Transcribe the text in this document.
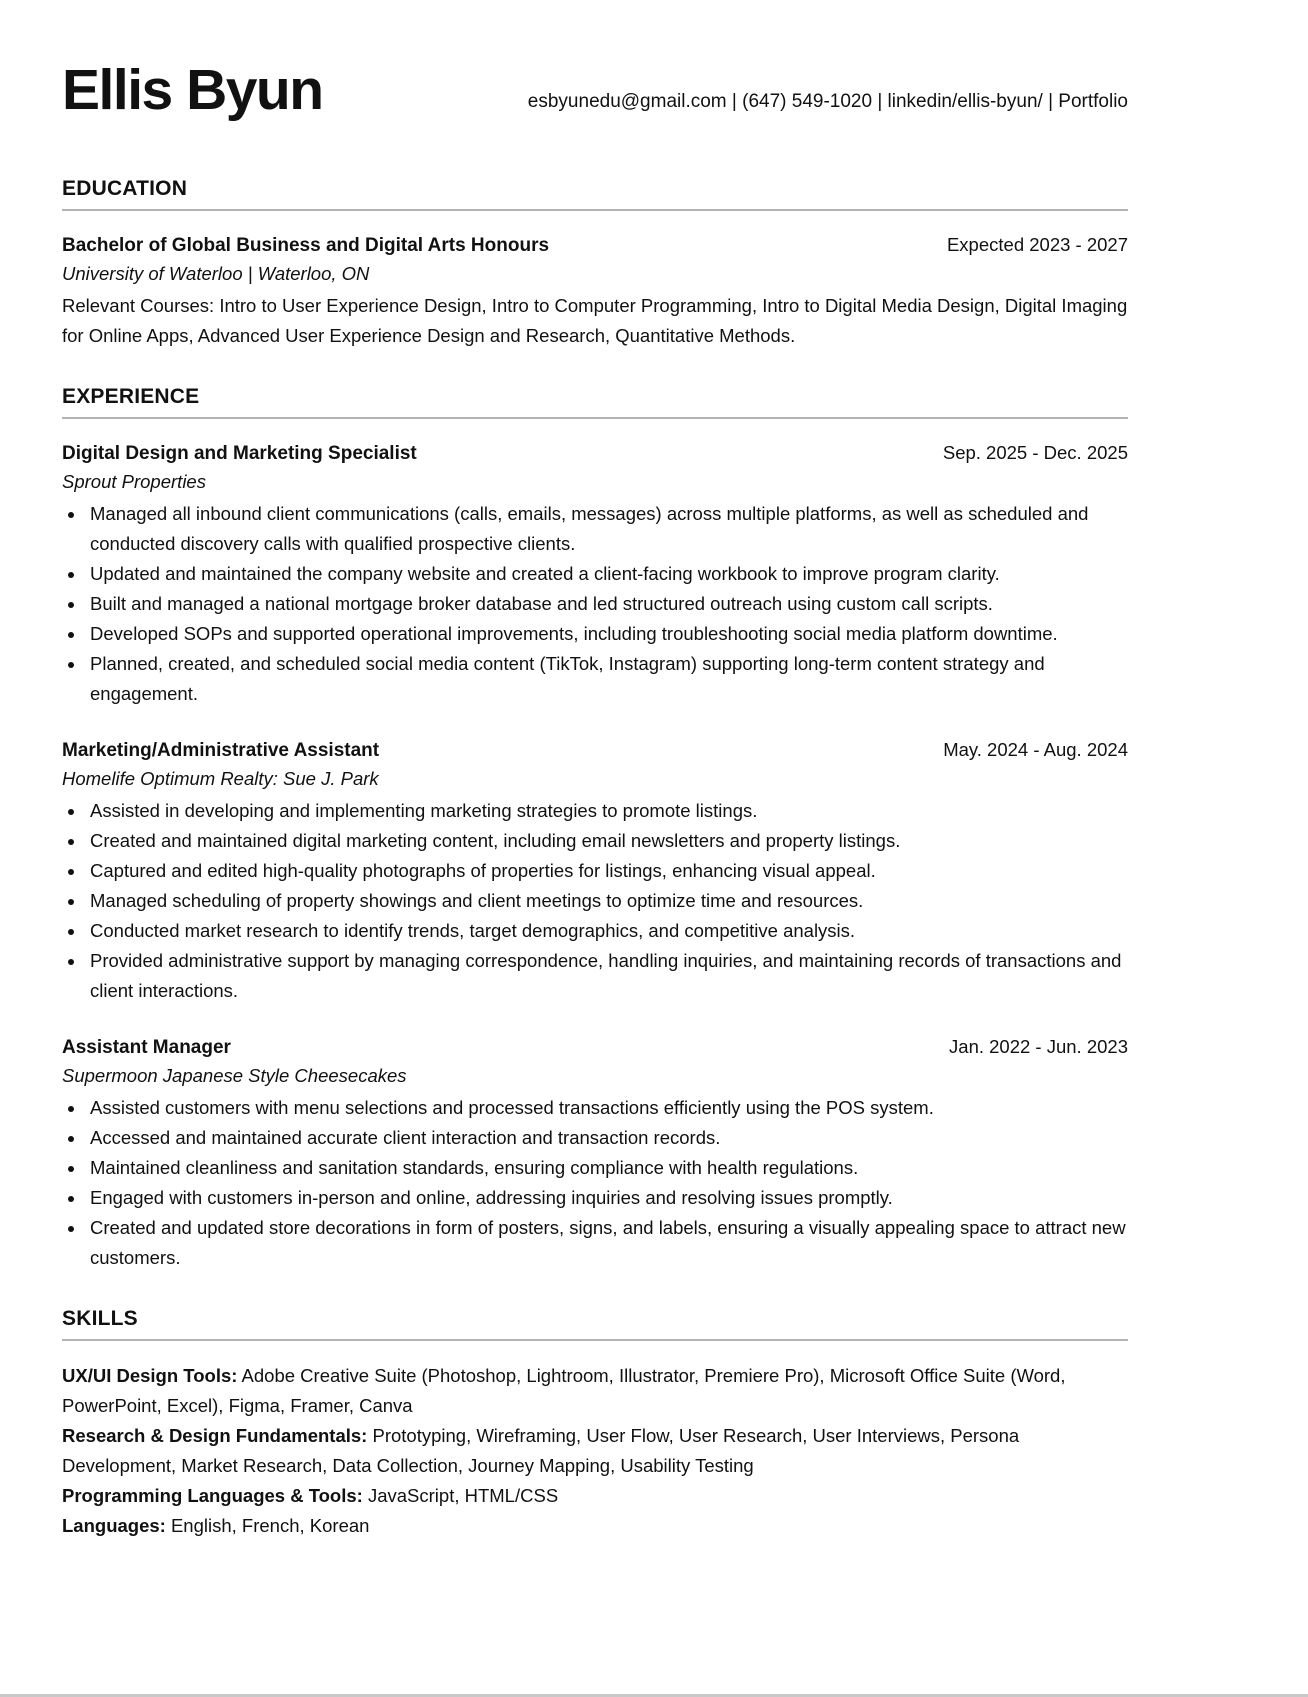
Ellis Byun	esbyunedu@gmail.com | (647) 549-1020 | linkedin/ellis-byun/ | Portfolio

EDUCATION
Bachelor of Global Business and Digital Arts Honours	Expected 2023 - 2027
University of Waterloo | Waterloo, ON
Relevant Courses: Intro to User Experience Design, Intro to Computer Programming, Intro to Digital Media Design, Digital Imaging for Online Apps, Advanced User Experience Design and Research, Quantitative Methods.
EXPERIENCE
Digital Design and Marketing Specialist	Sep. 2025 - Dec. 2025
Sprout Properties
• Managed all inbound client communications (calls, emails, messages) across multiple platforms, as well as scheduled and conducted discovery calls with qualified prospective clients.
• Updated and maintained the company website and created a client-facing workbook to improve program clarity.
• Built and managed a national mortgage broker database and led structured outreach using custom call scripts.
• Developed SOPs and supported operational improvements, including troubleshooting social media platform downtime.
• Planned, created, and scheduled social media content (TikTok, Instagram) supporting long-term content strategy and engagement.
Marketing/Administrative Assistant	May. 2024 - Aug. 2024
Homelife Optimum Realty: Sue J. Park
• Assisted in developing and implementing marketing strategies to promote listings.
• Created and maintained digital marketing content, including email newsletters and property listings.
• Captured and edited high-quality photographs of properties for listings, enhancing visual appeal.
• Managed scheduling of property showings and client meetings to optimize time and resources.
• Conducted market research to identify trends, target demographics, and competitive analysis.
• Provided administrative support by managing correspondence, handling inquiries, and maintaining records of transactions and client interactions.
Assistant Manager	Jan. 2022 - Jun. 2023
Supermoon Japanese Style Cheesecakes
• Assisted customers with menu selections and processed transactions efficiently using the POS system.
• Accessed and maintained accurate client interaction and transaction records.
• Maintained cleanliness and sanitation standards, ensuring compliance with health regulations.
• Engaged with customers in-person and online, addressing inquiries and resolving issues promptly.
• Created and updated store decorations in form of posters, signs, and labels, ensuring a visually appealing space to attract new customers.
SKILLS
UX/UI Design Tools: Adobe Creative Suite (Photoshop, Lightroom, Illustrator, Premiere Pro), Microsoft Office Suite (Word, PowerPoint, Excel), Figma, Framer, Canva
Research & Design Fundamentals: Prototyping, Wireframing, User Flow, User Research, User Interviews, Persona Development, Market Research, Data Collection, Journey Mapping, Usability Testing
Programming Languages & Tools: JavaScript, HTML/CSS
Languages: English, French, Korean
